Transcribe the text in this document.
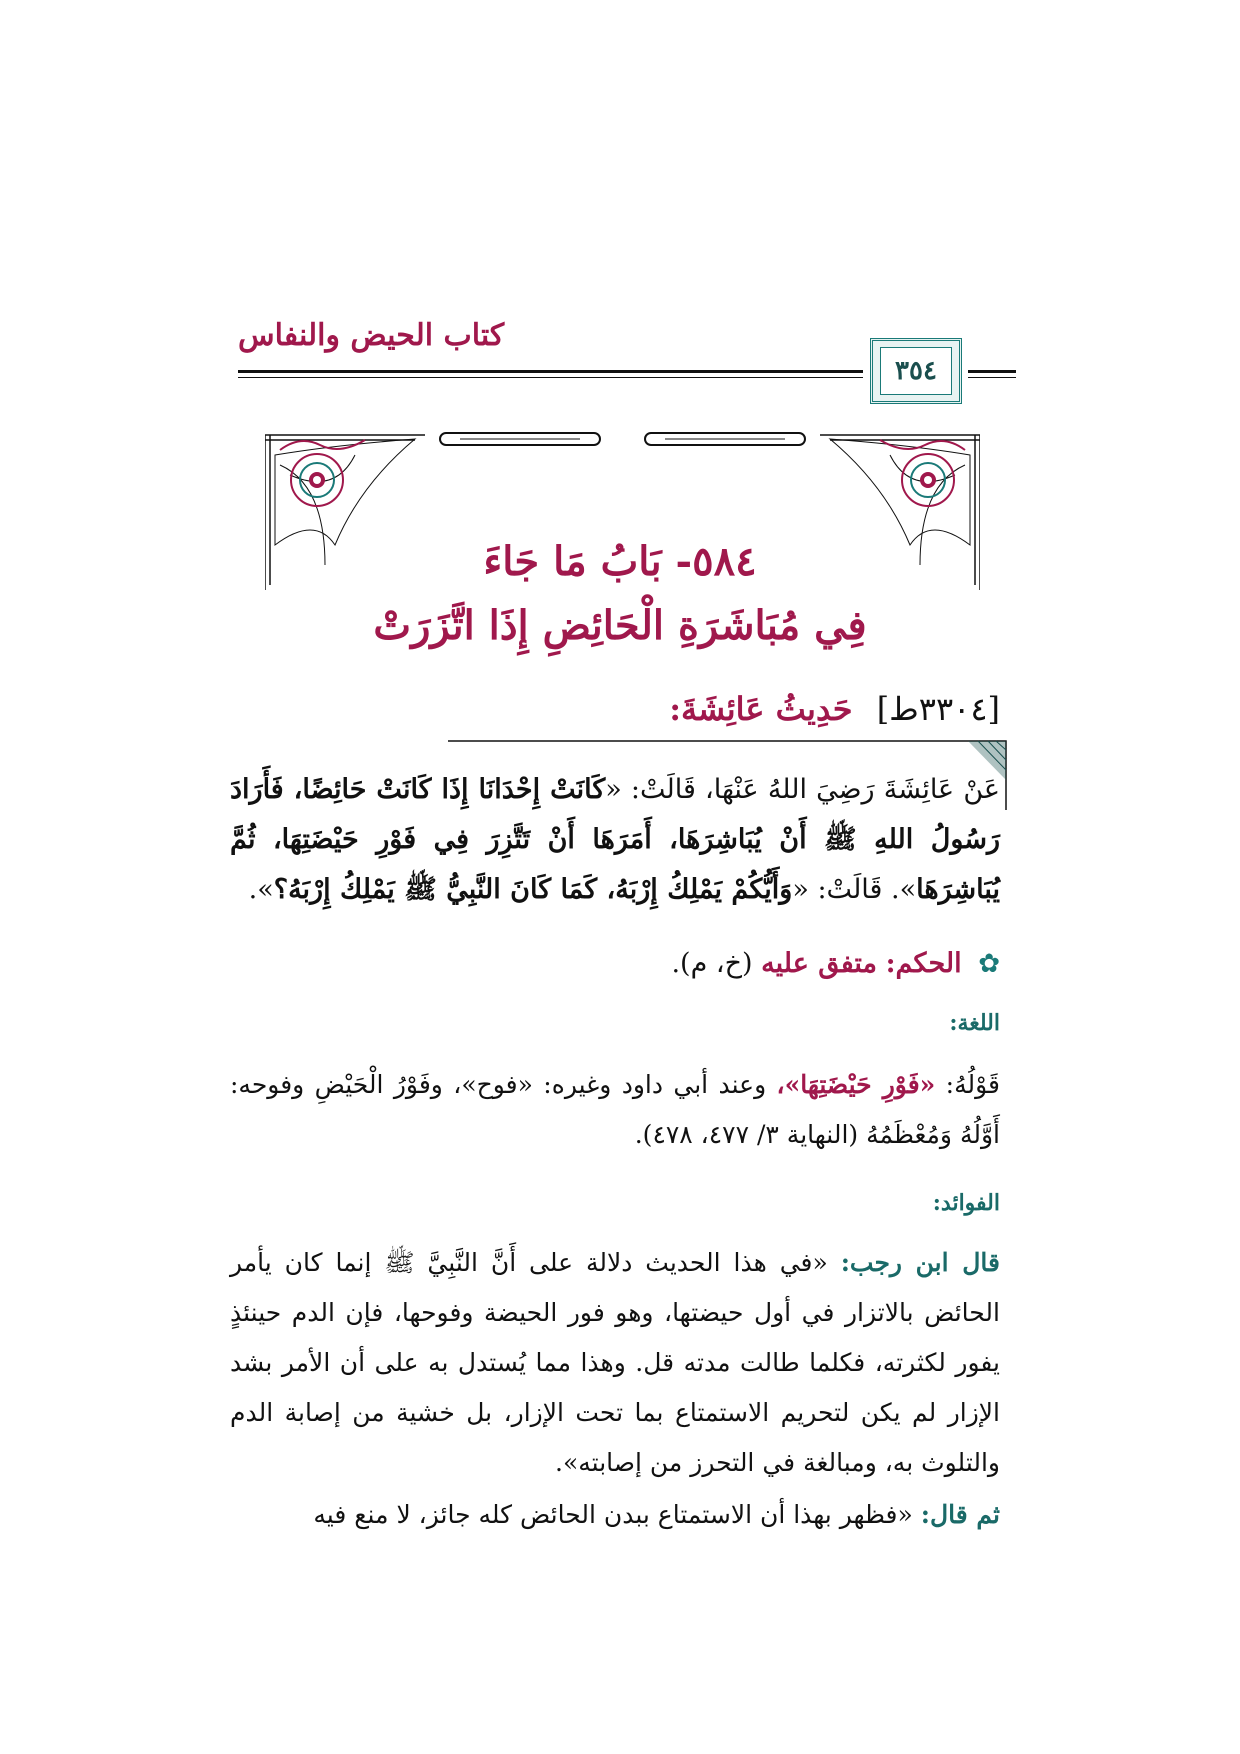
كتاب الحيض والنفاس
٣٥٤
٥٨٤- بَابُ مَا جَاءَ
فِي مُبَاشَرَةِ الْحَائِضِ إِذَا اتَّزَرَتْ
[٣٣٠٤ط] حَدِيثُ عَائِشَةَ:
عَنْ عَائِشَةَ رَضِيَ اللهُ عَنْهَا، قَالَتْ: «كَانَتْ إِحْدَانَا إِذَا كَانَتْ حَائِضًا، فَأَرَادَ رَسُولُ اللهِ ﷺ أَنْ يُبَاشِرَهَا، أَمَرَهَا أَنْ تَتَّزِرَ فِي فَوْرِ حَيْضَتِهَا، ثُمَّ يُبَاشِرَهَا». قَالَتْ: «وَأَيُّكُمْ يَمْلِكُ إِرْبَهُ، كَمَا كَانَ النَّبِيُّ ﷺ يَمْلِكُ إِرْبَهُ؟».
✿ الحكم: متفق عليه (خ، م).
اللغة:
قَوْلُهُ: «فَوْرِ حَيْضَتِهَا»، وعند أبي داود وغيره: «فوح»، وفَوْرُ الْحَيْضِ وفوحه: أَوَّلُهُ وَمُعْظَمُهُ (النهاية ٣/ ٤٧٧، ٤٧٨).
الفوائد:
قال ابن رجب: «في هذا الحديث دلالة على أَنَّ النَّبِيَّ ﷺ إنما كان يأمر الحائض بالاتزار في أول حيضتها، وهو فور الحيضة وفوحها، فإن الدم حينئذٍ يفور لكثرته، فكلما طالت مدته قل. وهذا مما يُستدل به على أن الأمر بشد الإزار لم يكن لتحريم الاستمتاع بما تحت الإزار، بل خشية من إصابة الدم والتلوث به، ومبالغة في التحرز من إصابته».
ثم قال: «فظهر بهذا أن الاستمتاع ببدن الحائض كله جائز، لا منع فيه
